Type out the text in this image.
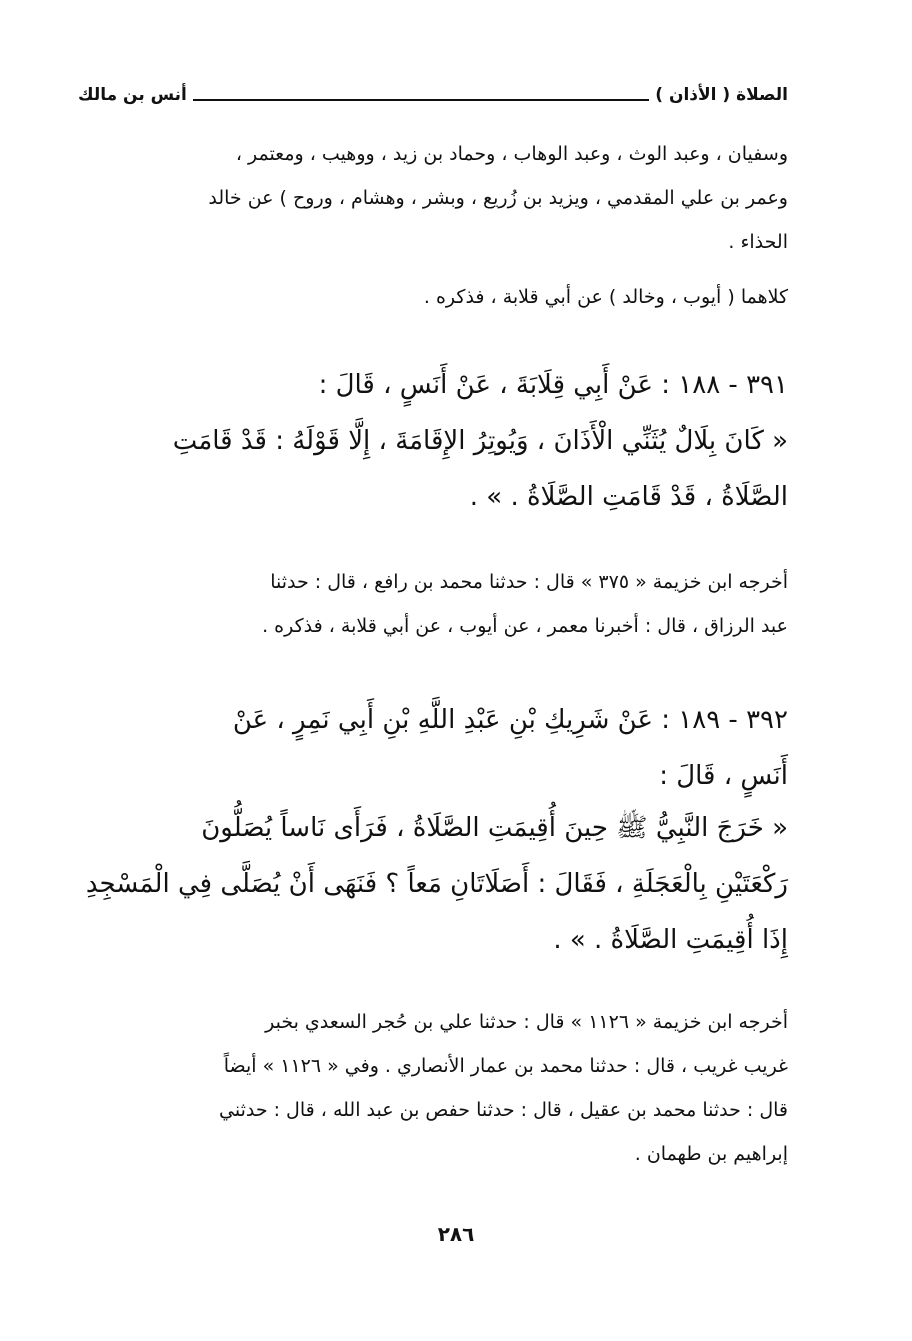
الصلاة ( الأذان )
أنس بن مالك
وسفيان ، وعبد الوث ، وعبد الوهاب ، وحماد بن زيد ، ووهيب ، ومعتمر ،
وعمر بن علي المقدمي ، ويزيد بن زُريع ، وبشر ، وهشام ، وروح ) عن خالد
الحذاء .
كلاهما ( أيوب ، وخالد ) عن أبي قلابة ، فذكره .
٣٩١ - ١٨٨ : عَنْ أَبِي قِلَابَةَ ، عَنْ أَنَسٍ ، قَالَ :
« كَانَ بِلَالٌ يُثَنِّي الْأَذَانَ ، وَيُوتِرُ الإِقَامَةَ ، إِلَّا قَوْلَهُ : قَدْ قَامَتِ
الصَّلَاةُ ، قَدْ قَامَتِ الصَّلَاةُ . » .
أخرجه ابن خزيمة « ٣٧٥ » قال : حدثنا محمد بن رافع ، قال : حدثنا
عبد الرزاق ، قال : أخبرنا معمر ، عن أيوب ، عن أبي قلابة ، فذكره .
٣٩٢ - ١٨٩ : عَنْ شَرِيكِ بْنِ عَبْدِ اللَّهِ بْنِ أَبِي نَمِرٍ ، عَنْ
أَنَسٍ ، قَالَ :
« خَرَجَ النَّبِيُّ ﷺ حِينَ أُقِيمَتِ الصَّلَاةُ ، فَرَأَى نَاساً يُصَلُّونَ
رَكْعَتَيْنِ بِالْعَجَلَةِ ، فَقَالَ : أَصَلَاتَانِ مَعاً ؟ فَنَهَى أَنْ يُصَلَّى فِي الْمَسْجِدِ
إِذَا أُقِيمَتِ الصَّلَاةُ . » .
أخرجه ابن خزيمة « ١١٢٦ » قال : حدثنا علي بن حُجر السعدي بخبر
غريب غريب ، قال : حدثنا محمد بن عمار الأنصاري . وفي « ١١٢٦ » أيضاً
قال : حدثنا محمد بن عقيل ، قال : حدثنا حفص بن عبد الله ، قال : حدثني
إبراهيم بن طهمان .
٢٨٦
